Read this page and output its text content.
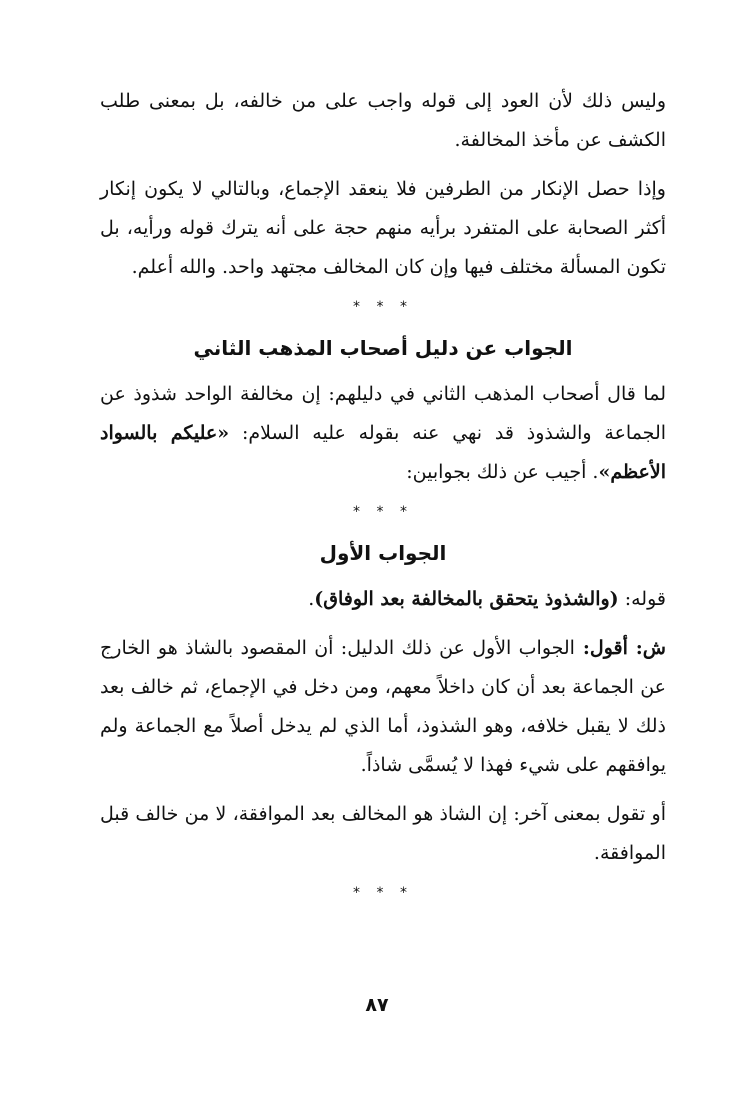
وليس ذلك لأن العود إلى قوله واجب على من خالفه، بل بمعنى طلب الكشف عن مأخذ المخالفة.

وإذا حصل الإنكار من الطرفين فلا ينعقد الإجماع، وبالتالي لا يكون إنكار أكثر الصحابة على المتفرد برأيه منهم حجة على أنه يترك قوله ورأيه، بل تكون المسألة مختلف فيها وإن كان المخالف مجتهد واحد. والله أعلم.

* * *
الجواب عن دليل أصحاب المذهب الثاني

لما قال أصحاب المذهب الثاني في دليلهم: إن مخالفة الواحد شذوذ عن الجماعة والشذوذ قد نهي عنه بقوله عليه السلام: «عليكم بالسواد الأعظم». أجيب عن ذلك بجوابين:

* * *
الجواب الأول

قوله: (والشذوذ يتحقق بالمخالفة بعد الوفاق).

ش: أقول: الجواب الأول عن ذلك الدليل: أن المقصود بالشاذ هو الخارج عن الجماعة بعد أن كان داخلاً معهم، ومن دخل في الإجماع، ثم خالف بعد ذلك لا يقبل خلافه، وهو الشذوذ، أما الذي لم يدخل أصلاً مع الجماعة ولم يوافقهم على شيء فهذا لا يُسمَّى شاذاً.

أو تقول بمعنى آخر: إن الشاذ هو المخالف بعد الموافقة، لا من خالف قبل الموافقة.

* * *
٨٧
